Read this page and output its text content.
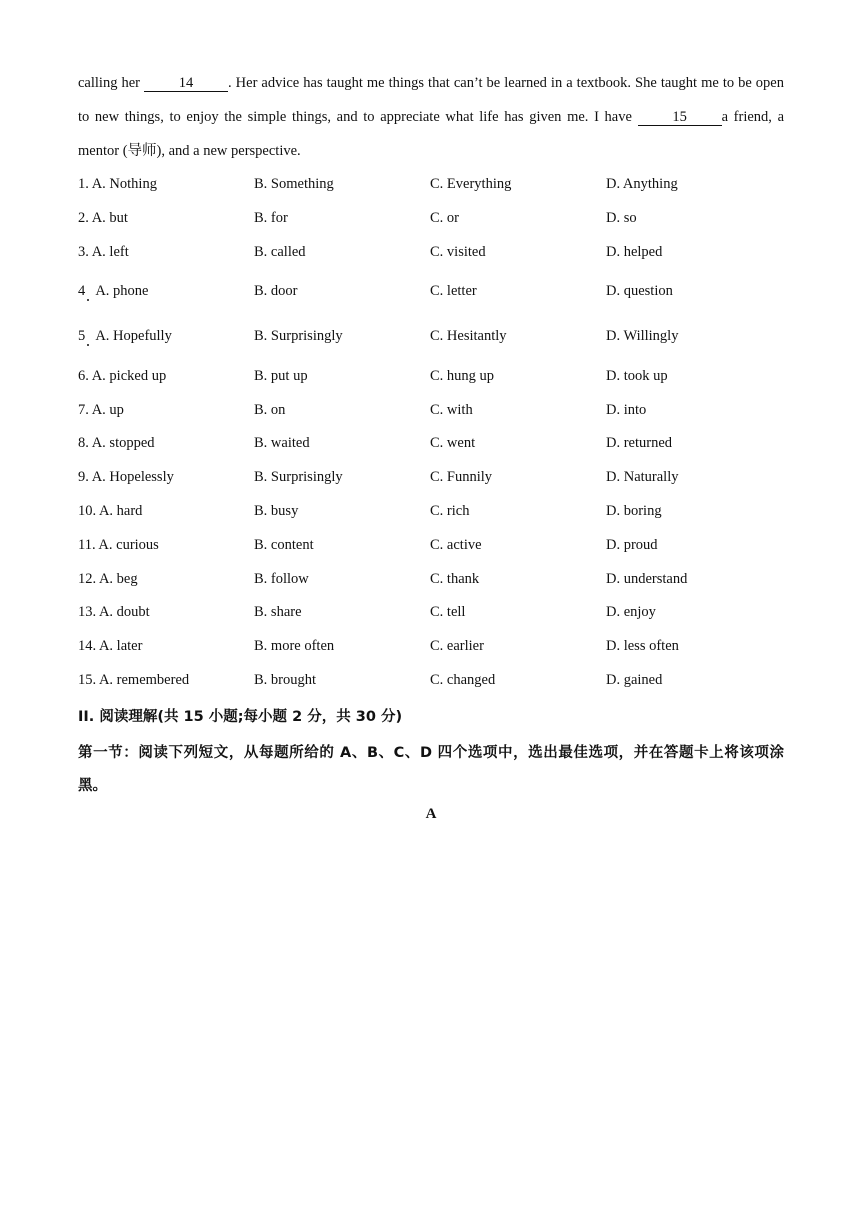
calling her 14 . Her advice has taught me things that can’t be learned in a textbook. She taught me to be open to new things, to enjoy the simple things, and to appreciate what life has given me. I have 15 a friend, a mentor (导师), and a new perspective.

1. A. Nothing	B. Something	C. Everything	D. Anything
2. A. but	B. for	C. or	D. so
3. A. left	B. called	C. visited	D. helped
4   A. phone	B. door	C. letter	D. question
5   A. Hopefully	B. Surprisingly	C. Hesitantly	D. Willingly
6. A. picked up	B. put up	C. hung up	D. took up
7. A. up	B. on	C. with	D. into
8. A. stopped	B. waited	C. went	D. returned
9. A. Hopelessly	B. Surprisingly	C. Funnily	D. Naturally
10. A. hard	B. busy	C. rich	D. boring
11. A. curious	B. content	C. active	D. proud
12. A. beg	B. follow	C. thank	D. understand
13. A. doubt	B. share	C. tell	D. enjoy
14. A. later	B. more often	C. earlier	D. less often
15. A. remembered	B. brought	C. changed	D. gained
II. 阅读理解(共 15 小题;每小题 2 分，共 30 分)
第一节：阅读下列短文，从每题所给的 A、B、C、D 四个选项中，选出最佳选项，并在答题卡上将该项涂黑。
A
